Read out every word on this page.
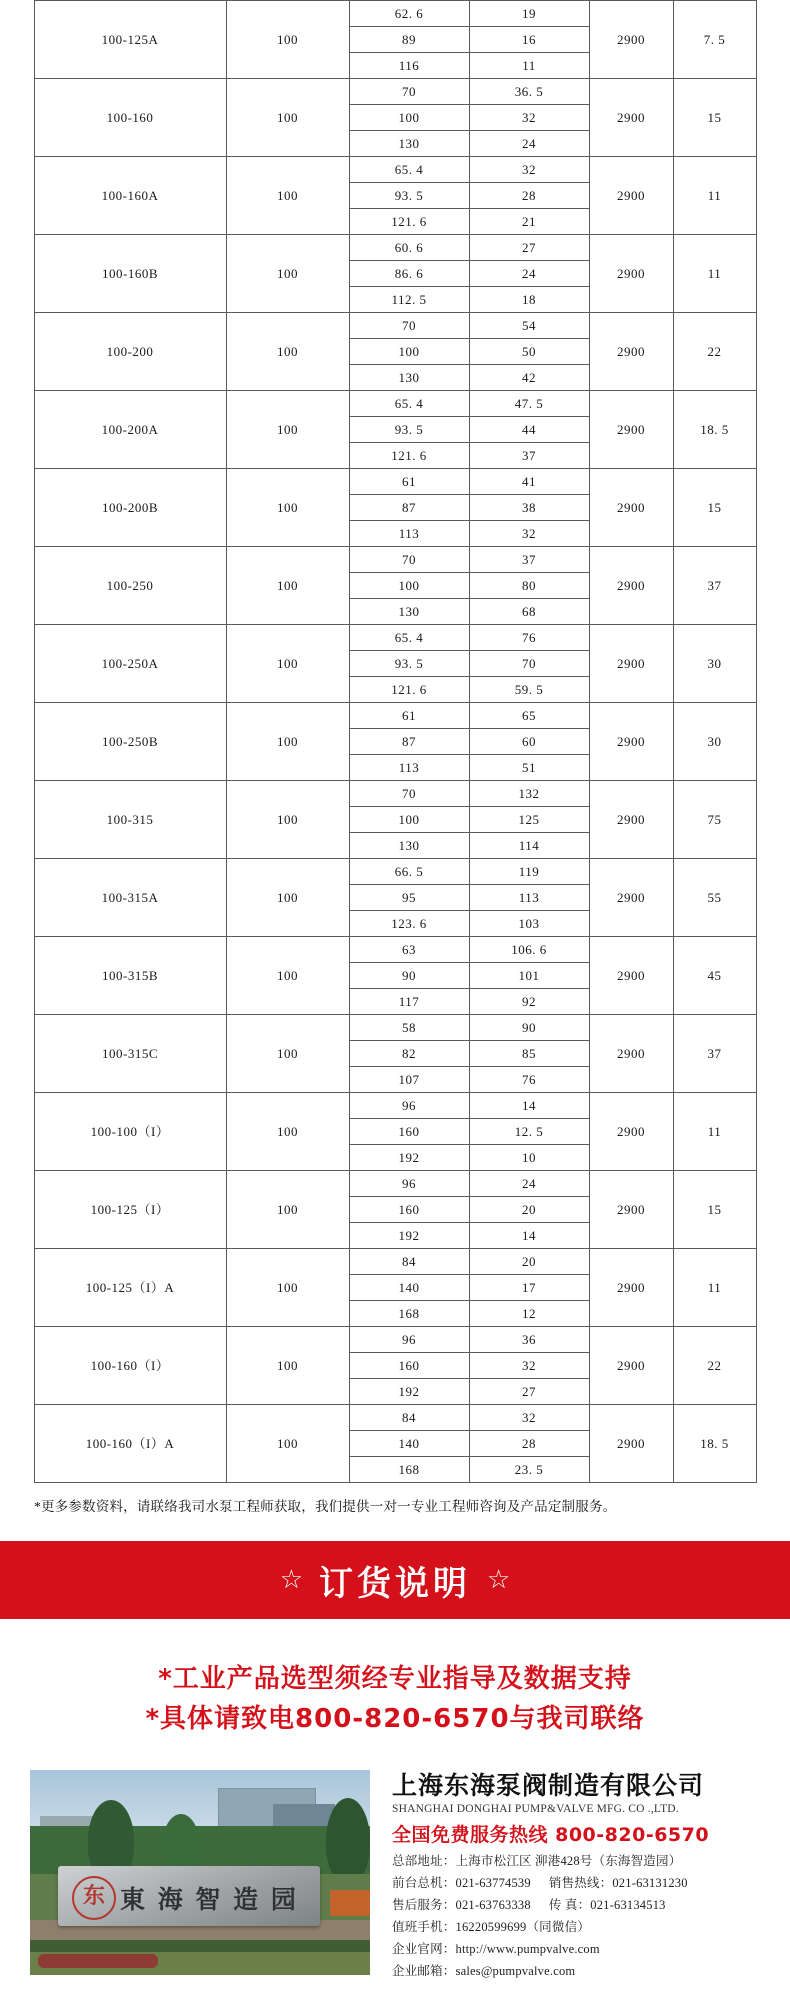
100-125A	100	62. 6	19	2900	7. 5
		89	16		
		116	11		
100-160	100	70	36. 5	2900	15
		100	32		
		130	24		
100-160A	100	65. 4	32	2900	11
		93. 5	28		
		121. 6	21		
100-160B	100	60. 6	27	2900	11
		86. 6	24		
		112. 5	18		
100-200	100	70	54	2900	22
		100	50		
		130	42		
100-200A	100	65. 4	47. 5	2900	18. 5
		93. 5	44		
		121. 6	37		
100-200B	100	61	41	2900	15
		87	38		
		113	32		
100-250	100	70	37	2900	37
		100	80		
		130	68		
100-250A	100	65. 4	76	2900	30
		93. 5	70		
		121. 6	59. 5		
100-250B	100	61	65	2900	30
		87	60		
		113	51		
100-315	100	70	132	2900	75
		100	125		
		130	114		
100-315A	100	66. 5	119	2900	55
		95	113		
		123. 6	103		
100-315B	100	63	106. 6	2900	45
		90	101		
		117	92		
100-315C	100	58	90	2900	37
		82	85		
		107	76		
100-100（I）	100	96	14	2900	11
		160	12. 5		
		192	10		
100-125（I）	100	96	24	2900	15
		160	20		
		192	14		
100-125（I）A	100	84	20	2900	11
		140	17		
		168	12		
100-160（I）	100	96	36	2900	22
		160	32		
		192	27		
100-160（I）A	100	84	32	2900	18. 5
		140	28		
		168	23. 5		
*更多参数资料，请联络我司水泵工程师获取，我们提供一对一专业工程师咨询及产品定制服务。
☆ 订货说明 ☆
*工业产品选型须经专业指导及数据支持
*具体请致电800-820-6570与我司联络
东 東 海 智 造 园
上海东海泵阀制造有限公司
SHANGHAI DONGHAI PUMP&VALVE MFG. CO .,LTD.
全国免费服务热线 800-820-6570
总部地址：上海市松江区 泖港428号（东海智造园）
前台总机：021-63774539 销售热线：021-63131230
售后服务：021-63763338 传 真：021-63134513
值班手机：16220599699（同微信）
企业官网：http://www.pumpvalve.com
企业邮箱：sales@pumpvalve.com
